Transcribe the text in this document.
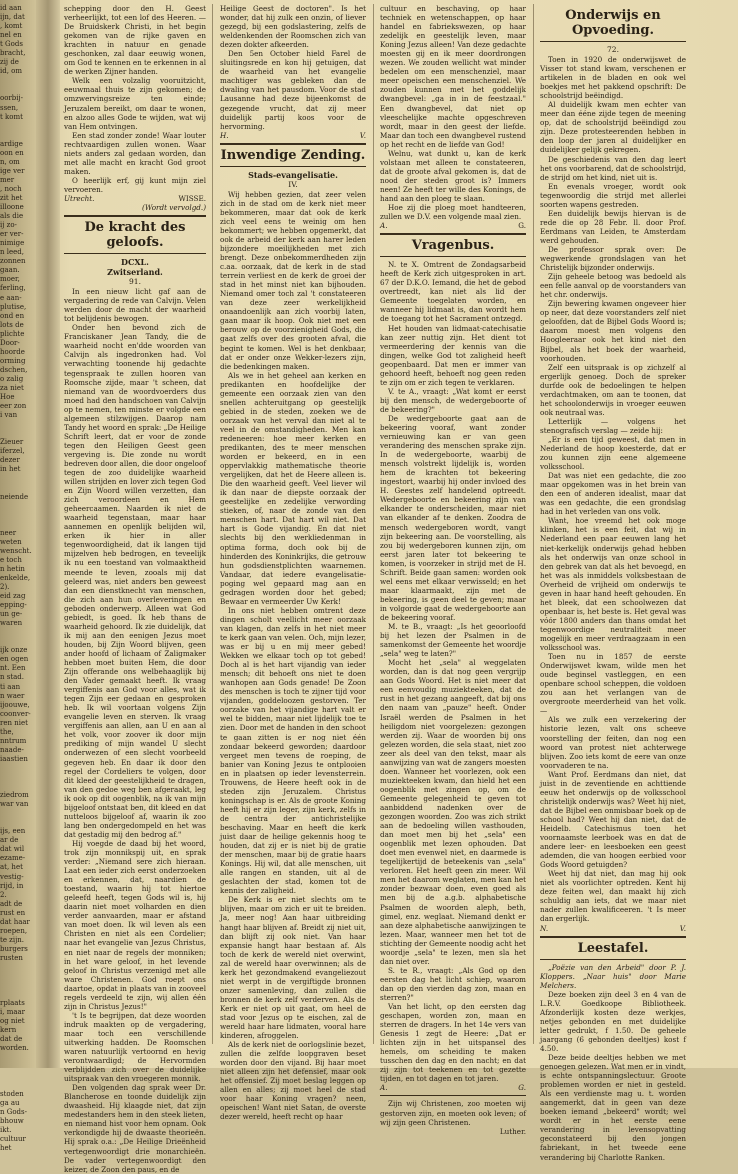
id aan

ijn, dat

, komt

nel en

t Gods

bracht,

zij de

id, om

oorbij-

ssen,

t komt

ardige

oon en

n, om

ige ver

mer

, noch

zit het

illoone

als die

ij zo-

er ver-

nimige

n leed,

zonnen

gaan.

moer,

ferling,

e aan-

plutise,

ond en

lots de

plichte

Door-

hoorde

orming

dschen,

o zalig

za niet

Hoe

eer zon

i van

Zieuer

iferzel,

dezer

in het

neiende

neer

weten

wenscht.

e toch

n hetin

enkelde,

2).

eid zag

epping-

un ge-

waren

ijk onze

en ogen

nt. Een

n stad.

ti aan

n waer

ijoouwe,

coonver-

ren niet

the,

nntrum

naade-

iaastien

ziedrom

war van

ijs, een

ar de

dat wil

ezame-

at, het

vestig-

rijd, in

2.

adt de

rust en

dat haar

roepen,

te zijn.

burgers

rusten

rplaats

i, maar

og niet

kern

dat de

worden.

stoden

ga au

n Gods-

bhouw

ikt.

cultuur

het

schepping door den H. Geest verheerlijkt, tot een lof des Heeren. — De Bruidskerk Christi, in het begin gekomen van de rijke gaven en krachten in natuur en genade geschonken, zal daar eeuwig wonen, om God te kennen en te erkennen in al de werken Zijner handen.

Welk een volzalig vooruitzicht, eeuwmaal thuis te zijn gekomen; de omzwervingsreize ten einde; Jeruzalem bereikt, om daar te wonen, en alzoo alles Gode te wijden, wat wij van Hem ontvingen.

Een stad zonder zonde! Waar louter rechtvaardigen zullen wonen. Waar niets anders zal gedaan worden, dan met alle macht en kracht God groot maken.

O heerlijk erf, gij kunt mijn ziel vervoeren.

Utrecht.	WISSE.
(Wordt vervolgd.)
De kracht des geloofs.
DCXL.
Zwitserland.
91.

In een nieuw licht gaf aan de vergadering de rede van Calvijn. Velen werden door de macht der waarheid tot belijdenis bewogen.

Onder hen bevond zich de Franciskaner Jean Tandy, die de waarheid nocht en'dde woorden van Calvijn als ingedronken had. Vol verwachting toonende hij gedachte tegenspraak te zullen hooren van Roomsche zijde, maar 't scheen, dat niemand van de woordvoerders dus moed had den handschoen van Calvijn op te nemen, ten minste er volgde een algemeen stilzwijgen. Daarop nam Tandy het woord en sprak: „De Heilige Schrift leert, dat er voor de zonde tegen den Heiligen Geest geen vergeving is. Die zonde nu wordt bedreven door allen, die door ongeloof tegen de zoo duidelijke waarheid willen strijden en lover zich tegen God en Zijn Woord willen verzetten, dan zich veroordeen en Hem geheercaamen. Naarden ik niet de waarheid tegenstaan, maar haar aannemen en openlijk belijden wil, erken ik hier in aller tegenwoordigheid, dat ik langen tijd mijzelven heb bedrogen, en teveelijk ik nu een toestand van volmaaktheid meende te leven, zooals mij dat geleerd was, niet anders ben geweest dan een dienstknecht van menschen, die zich aan hun overleveringen en geboden onderwerp. Alleen wat God gebiedt, is goed. Ik heb thans de waarheid gehoord. Ik zie duidelijk, dat ik mij aan den eenigen Jezus moet houden, bij Zijn Woord blijven, geen ander hoofd of lichaam of Zaligmaker hebben moet buiten Hem, die door Zijn offerande ons welbehaaglijk bij den Vader gemaakt heeft. Ik vraag vergiffenis aan God voor alles, wat ik tegen Zijn eer gedaan en gesproken heb. Ik wil voortaan volgens Zijn evangelie leven en sterven. Ik vraag vergiffenis aan allen, aan U en aan al het volk, voor zoover ik door mijn prediking of mijn wandel U slecht onderwezen of een slecht voorbeeld gegeven heb. En daar ik door den regel der Cordeliers te volgen, door dit kleed der geestelijkheid te dragen, van den gedoe weg ben afgeraakt, leg ik ook op dit oogenblik, na ik van mijn bijgeloof ontstaat ben, dit kleed en dat nutteloos bijgeloof af, waarin ik zoo lang ben ondergedompeld en het was dat gestadig mij den bedrog af."

Hij voegde de daad bij het woord, trok zijn monnikspij uit, en sprak verder: „Niemand sere zich hieraan. Laat een ieder zich eerst onderzoeken en erkennen, dat, naardien de toestand, waarin hij tot hiertoe geleefd heeft, tegen Gods wil is, hij daarin niet moet volharden en dien verder aanvaarden, maar er afstand van moet doen. Ik wil leven als een Christen en niet als een Cordelier; naar het evangelie van Jezus Christus, en niet naar de regels der monniken; in het ware geloof, in het levende geloof in Christus verzenigd met alle ware Christenen. God roept ons daartoe, opdat in plaats van in zooveel regels verdeeld te zijn, wij allen één zijn in Christus Jezus!"

't Is te begrijpen, dat deze woorden indruk maakten op de vergadering, maar toch een verschillende uitwerking hadden. De Roomschen waren natuurlijk vertoornd en hevig verontwaardigd; de Hervormden verblijdden zich over de duidelijke uitspraak van den vroegeren monnik.

Den volgenden dag sprak weer Dr. Blancherose en toonde duidelijk zijn dwaasheid. Hij klaagde niet, dat zijn medestanders hem in den steek lieten, en niemand hist voor hem opnam. Ook verkondigde hij de dwaaste theorieën. Hij sprak o.a.: „De Heilige Drieënheid vertegenwoordigt drie monarchieën. De vader vertegenwoordigt den keizer, de Zoon den paus, en de

Heilige Geest de doctoren". Is het wonder, dat hij zulk een onzin, of liever gezegd, bij een godslastering, zelfs de weldenkenden der Roomschen zich van dezen dokter afkeerden.

Den 5en October hield Farel de sluitingsrede en kon hij getuigen, dat de waarheid van het evangelie machtiger was gebleken dan de dwaling van het pausdom. Voor de stad Lausanne had deze bijeenkomst de gezegende vrucht, dat zij meer duidelijk partij koos voor de hervorming.

H.	V.
Inwendige Zending.
Stads-evangelisatie.
IV.

Wij hebben gezien, dat zeer velen zich in de stad om de kerk niet meer bekommeren, maar dat ook de kerk zich veel eens te weinig om hen bekommert; we hebben opgemerkt, dat ook de arbeid der kerk aan harer leden bijzondere moeilijkheden met zich brengt. Deze onbekommerdheden zijn c.aa. oorzaak, dat de kerk in de stad terrein verliest en de kerk de groei der stad in het minst niet kan bijhouden. Niemand omer toch zal 't constateeren van deze zeer werkelijkheid onaandoenlijk aan zich voorbij laten, gaan maar ik hoop. Ook niet met een berouw op de voorzienigheid Gods, die gaat zelfs over des grooten afval, die begint te komen. Wel is het denkbaar, dat er onder onze Wekker-lezers zijn, die bedenkingen maken.

Als we in het geheel aan kerken en predikanten en hoofdelijke der gemeente een oorzaak zien van den snellen achteruitgang op geestelijk gebied in de steden, zoeken we de oorzaak van het verval dan niet al te veel in de omstandigheden. Men kan redeneeren: hoe meer kerken en predikanten, des te meer menschen worden er bekeerd, en in een oppervlakkig mathematische theorie vergelijken, dat het de Heere alleen is. Die den waarheid geeft. Veel liever wil ik dan naar de diepste oorzaak der geestelijke en zedelijke verwording stieken, of, naar de zonde van den menschen hart. Dat hart wil niet. Dat hart is Gode vijandig. En dat niet slechts bij den werkliedenman in optima forma, doch ook bij de hinderden des Koninkrijks, die getrouw hun godsdienstplichten waarnemen. Vandaar, dat iedere evangelisatie-poging wel gepaard mag aan en gedragen worden door het gebed; Bewaar en vermeerder Uw Kerk!

In ons niet hebben omtrent deze dingen scholt veellicht meer oorzaak van klagen, dan zelfs in het niet meer te kerk gaan van velen. Och, mijn lezer, was er bij u en mij meer gebed! Wekken we elkaar toch op tot gebed! Doch al is het hart vijandig van ieder mensch; dit behoeft ons niet te doen wanhopen aan Gods genade! De Zoon des menschen is toch te zijner tijd voor vijanden, goddeloozen gestorven. Ter oorzake van het vijandige hart valt er wel te bidden, maar niet lijdelijk toe te zien. Door met de handen in den schoot te gaan zitten is er nog niet één zondaar bekeerd geworden; daardoor vergeet men tevens de roeping, de banier van Koning Jezus te ontplooien en in plaatsen op ieder levensterrein. Trouwens, de Heere heeft ook in de steden zijn Jeruzalem. Christus koningschap is er. Als de groote Koning heeft hij er zijn leger, zijn kerk, zelfs in de centra der antichristelijke beschaving. Maar en heeft die kerk juist daar de heilige gekennis hoog te houden, dat zij er is niet bij de gratie der menschen, maar bij de gratie haars Konings. Hij wil, dat alle menschen, uit alle rangen en standen, uit al de geslachten der stad, komen tot de kennis der zaligheid.

De Kerk is er niet slechts om te blijven, maar om zich er uit te breiden. Ja, meer nog! Aan haar uitbreiding hangt haar blijven af. Breidt zij niet uit, dan blijft zij ook niet. Van haar expansie hangt haar bestaan af. Als toch de kerk de wereld niet overwint, zal de wereld haar overwinnen; als de kerk het gezondmakend evangeliezout niet werpt in de vergiftigde bronnen onzer samenleving, dan zullen die bronnen de kerk zelf verderven. Als de Kerk er niet op uit gaat, om heel de stad voor Jezus op te eischen, zal de wereld haar hare lidmaten, vooral hare kinderen, afroggelen.

Als de kerk niet de oorlogslinie bezet, zullen die zelfde loopgraven beset worden door den vijand. Bij haar moet niet alleen zijn het defensief, maar ook het offensief. Zij moet beslag leggen op allen en alles; zij moet heel de stad voor haar Koning vragen? neen, opeischen! Want niet Satan, de overste dezer wereld, heeft recht op haar

cultuur en beschaving, op haar techniek en wetenschappen, op haar handel en fabriekswezen, op haar zedelijk en geestelijk leven, maar Koning Jezus alleen! Van deze gedachte moesten gij en ik meer doordrongen wezen. We zouden wellicht wat minder bedelen om een menschenziel, maar meer opeischen een menschenziel. We zouden kunnen met het goddelijk dwangbevel: „ga in in de feestzaal." Een dwangbevel, dat niet op vleeschelijke machte opgeschreven wordt, maar in den geest der liefde. Maar dan toch een dwangbevel rustend op het recht en de liefde van God!

Welnu, wat dunkt u, kan de kerk volstaan met alleen te constateeren, dat de groote afval gekomen is, dat de nood der steden groot is? Immers neen! Ze heeft ter wille des Konings, de hand aan den ploeg te slaan.

Hoe zij die ploeg moet handteeren, zullen we D.V. een volgende maal zien.

A.	G.
Vragenbus.

N. te X. Omtrent de Zondagsarbeid heeft de Kerk zich uitgesproken in art. 67 der D.K.O. Iemand, die het de gebod overtreedt, kan niet als lid der Gemeente toegelaten worden, en wanneer hij lidmaat is, dan wordt hem de toegang tot het Sacrament ontzegd.

Het houden van lidmaat-catechisatie kan zeer nuttig zijn. Het dient tot vermeerdering der kennis van die dingen, welke God tot zaligheid heeft geopenbaard. Dat men er immer van gehoord heeft, behoeft nog geen reden te zijn om er zich tegen te verklaren.

V. te A., vraagt: „Wat komt er eerst bij den mensch, de wedergeboorte of de bekeering?"

De wedergeboorte gaat aan de bekeering vooraf, want zonder vernieuwing kan er van geen verandering des menschen sprake zijn. In de wedergeboorte, waarbij de mensch volstrekt lijdelijk is, worden hem de krachten tot bekeering ingestort, waarbij hij onder invloed des H. Geestes zelf handelend optreedt. Wedergeboorte en bekeering zijn van elkander te onderscheiden, maar niet van elkander af te denken. Zoodra de mensch wedergeboren wordt, vangt zijn bekeering aan. De voorstelling, als zou bij wedergeboren kunnen zijn, om eerst jaren later tot bekeering te komen, is voorzeker in strijd met de H. Schrift. Beide gaan samen: worden ook wel eens met elkaar verwisseld; en het maar klaarmaakt, zijn met de bekeering, is geen deel te geven; maar in volgorde gaat de wedergeboorte aan de bekeering vooraf.

M. te B., vraagt: „Is het geoorloofd bij het lezen der Psalmen in de samenkomst der Gemeente het woordje „sela" weg te laten?"

Mocht het „sela" al weggelaten worden, dan is dat nog geen vergrijp aan Gods Woord. Het is niet meer dat een eenvoudig muziekteeken, dat de rust in het gezang aangeeft, dat bij ons den naam van „pauze" heeft. Onder Israël werden de Psalmen in het heiligdom niet voorgelezen: gezongen werden zij. Waar de woorden bij ons gelezen worden, die sela staat, niet zoo zeer als deel van den tekst, maar als aanwijzing van wat de zangers moesten doen. Wanneer het voorlezen, ook een muziekteeken kwam, dan hield het een oogenblik met zingen op, om de Gemeente gelegenheid te geven tot aanbiddend nadenken over de gezongen woorden. Zoo was zich strikt aan de bedoeling willen vasthouden, dan moet men bij het „sela" een oogenblik met lezen ophouden. Dat doet men evenwel niet, en daarmede is tegelijkertijd de beteekenis van „sela" verloren. Het heeft geen zin meer. Wil men het daarom weglaten, men kan het zonder bezwaar doen, even goed als men bij de a.g.b. alphabetische Psalmen de woorden aleph, beth, gimel, enz. weglaat. Niemand denkt er aan deze alphabetische aanwijzingen te lezen. Maar, wanneer men het tot de stichting der Gemeente noodig acht het woordje „sela" te lezen, men sla het dan niet over.

S. te R., vraagt: „Als God op den eersten dag het licht schiep, waarom dan op den vierden dag zon, maan en sterren?"

Van het licht, op den eersten dag geschapen, worden zon, maan en sterren de dragers. In het 14e vers van Genesis 1 zegt de Heere: „Dat er lichten zijn in het uitspansel des hemels, om scheiding te maken tusschen den dag en den nacht; en dat zij zijn tot teekenen en tot gezette tijden, en tot dagen en tot jaren.

A.	G.

Zijn wij Christenen, zoo moeten wij gestorven zijn, en moeten ook leven; of wij zijn geen Christenen.

Luther.
Onderwijs en Opvoeding.
72.

Toen in 1920 de onderwijswet de Visser tot stand kwam, verschenen er artikelen in de bladen en ook wel boekjes met het pakkend opschrift: De schoolstrijd beëindigd.

Al duidelijk kwam men echter van meer dan ééne zijde tegen de meening op, dat de schoolstrijd beëindigd zou zijn. Deze protesteerenden hebben in den loop der jaren al duidelijker en duidelijker gelijk gekregen.

De geschiedenis van den dag leert het ons voorbarend, dat de schoolstrijd, de strijd om het kind, niet uit is.

En evenals vroeger, wordt ook tegenwoordig die strijd met allerlei soorten wapens gestreden.

Een duidelijk bewijs hiervan is de rede die op 28 Febr. ll. door Prof. Eerdmans van Leiden, te Amsterdam werd gehouden.

De professor sprak over: De wegwerkende grondslagen van het Christelijk bijzonder onderwijs.

Zijn geheele betoog was bedoeld als een felle aanval op de voorstanders van het chr. onderwijs.

Zijn bewering kwamen ongeveer hier op neer, dat deze voorstanders zelf niet geloofden, dat de Bijbel Gods Woord is; daarom moest men volgens den Hoogleeraar ook het kind niet den Bijbel, als het boek der waarheid, voorhouden.

Zelf een uitspraak is op zichzelf al ergerlijk genoeg. Doch de spreker durfde ook de bedoelingen te helpen verdachtmaken, om aan te toonen, dat het schoolonderwijs in vroeger eeuwen ook neutraal was.

Letterlijk — volgens het stenografisch verslag — zeide hij:

„Er is een tijd geweest, dat men in Nederland de hoop koesterde, dat er zou kunnen zijn eene algemeene volksschool.

Dat was niet een gedachte, die zoo maar opgekomen was in het brein van den een of anderen idealist, maar dat was een gedachte, die een grondslag had in het verleden van ons volk.

Want, hoe vreemd het ook moge klinken, het is een feit, dat wij in Nederland een paar eeuwen lang het niet-kerkelijk onderwijs gehad hebben als het onderwijs van onze school in den gebrek van dat als het bevoegd, en het was als inmiddels volksbestaan de Overheid de vrijheid om onderwijs te geven in haar hand heeft gehouden. En het bleek, dat een schoolwezen dat openbaar is, het beste is. Het geval was vóór 1800 anders dan thans omdat het tegenwoordige neutraliteit meer mogelijk en meer verdraagzaam in een volksschool was.

Toen nu in 1857 de eerste Onderwijswet kwam, wilde men het oude beginsel vastleggen, en een openbare school scheppen, die voldoen zou aan het verlangen van de overgroote meerderheid van het volk. —

Als we zulk een verzekering der historie lezen, valt ons scheeve voorstelling der feiten, dan nog een woord van protest niet achterwege blijven. Zoo iets komt de eere van onze voorvaderen te na.

Want Prof. Eerdmans dan niet, dat juist in de zeventiende en achttiende eeuw het onderwijs op de volksschool christelijk onderwijs was? Weet hij niet, dat de Bijbel een onmisbaar boek op de school had? Weet hij dan niet, dat de Heidelb. Catechismus toen het voornaamste leerboek was en dat de andere leer- en leesboeken een geest ademden, die van hoogen eerbied voor Gods Woord getuigden?

Weet hij dat niet, dan mag hij ook niet als voorlichter optreden. Kent hij deze feiten wel, dan maakt hij zich schuldig aan iets, dat we maar niet nader zullen kwalificeeren. 't Is meer dan ergerlijk.

N.	V.
Leestafel.

„Poëzie van den Arbeid" door P. J. Kloppers. „Naar huis" door Marie Melchers.

Deze boeken zijn deel 3 en 4 van de L.R.V. Goedkoope Bibliotheek. Afzonderlijk kosten deze werkjes, netjes gebonden en met duidelijke letter gedrukt, f 1.50. De geheele jaargang (6 gebonden deeltjes) kost f 4.50.

Deze beide deeltjes hebben we met genoegen gelezen. Wat men er in vindt, is echte ontspanningslectuur. Groote problemen worden er niet in gesteld. Als een verdienste mag u. t. worden aangemerkt, dat in geen van deze boeken iemand „bekeerd" wordt; wel wordt er in het eerste eene verandering in levensopvatting geconstateerd bij den jongen fabriekant, in het tweede eene verandering bij Charlotte Ranken.
